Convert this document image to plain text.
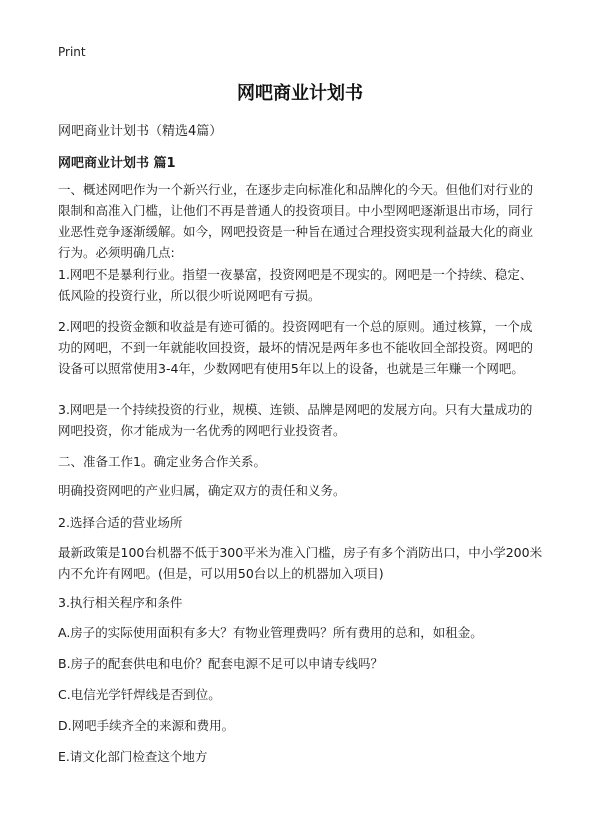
Print
网吧商业计划书
网吧商业计划书（精选4篇）
网吧商业计划书 篇1
一、概述网吧作为一个新兴行业，在逐步走向标准化和品牌化的今天。但他们对行业的限制和高准入门槛，让他们不再是普通人的投资项目。中小型网吧逐渐退出市场，同行业恶性竞争逐渐缓解。如今，网吧投资是一种旨在通过合理投资实现利益最大化的商业行为。必须明确几点:
1.网吧不是暴利行业。指望一夜暴富，投资网吧是不现实的。网吧是一个持续、稳定、低风险的投资行业，所以很少听说网吧有亏损。
2.网吧的投资金额和收益是有迹可循的。投资网吧有一个总的原则。通过核算，一个成功的网吧，不到一年就能收回投资，最坏的情况是两年多也不能收回全部投资。网吧的设备可以照常使用3-4年，少数网吧有使用5年以上的设备，也就是三年赚一个网吧。
3.网吧是一个持续投资的行业，规模、连锁、品牌是网吧的发展方向。只有大量成功的网吧投资，你才能成为一名优秀的网吧行业投资者。
二、准备工作1。确定业务合作关系。
明确投资网吧的产业归属，确定双方的责任和义务。
2.选择合适的营业场所
最新政策是100台机器不低于300平米为准入门槛，房子有多个消防出口，中小学200米内不允许有网吧。(但是，可以用50台以上的机器加入项目)
3.执行相关程序和条件
A.房子的实际使用面积有多大？有物业管理费吗？所有费用的总和，如租金。
B.房子的配套供电和电价？配套电源不足可以申请专线吗？
C.电信光学钎焊线是否到位。
D.网吧手续齐全的来源和费用。
E.请文化部门检查这个地方
